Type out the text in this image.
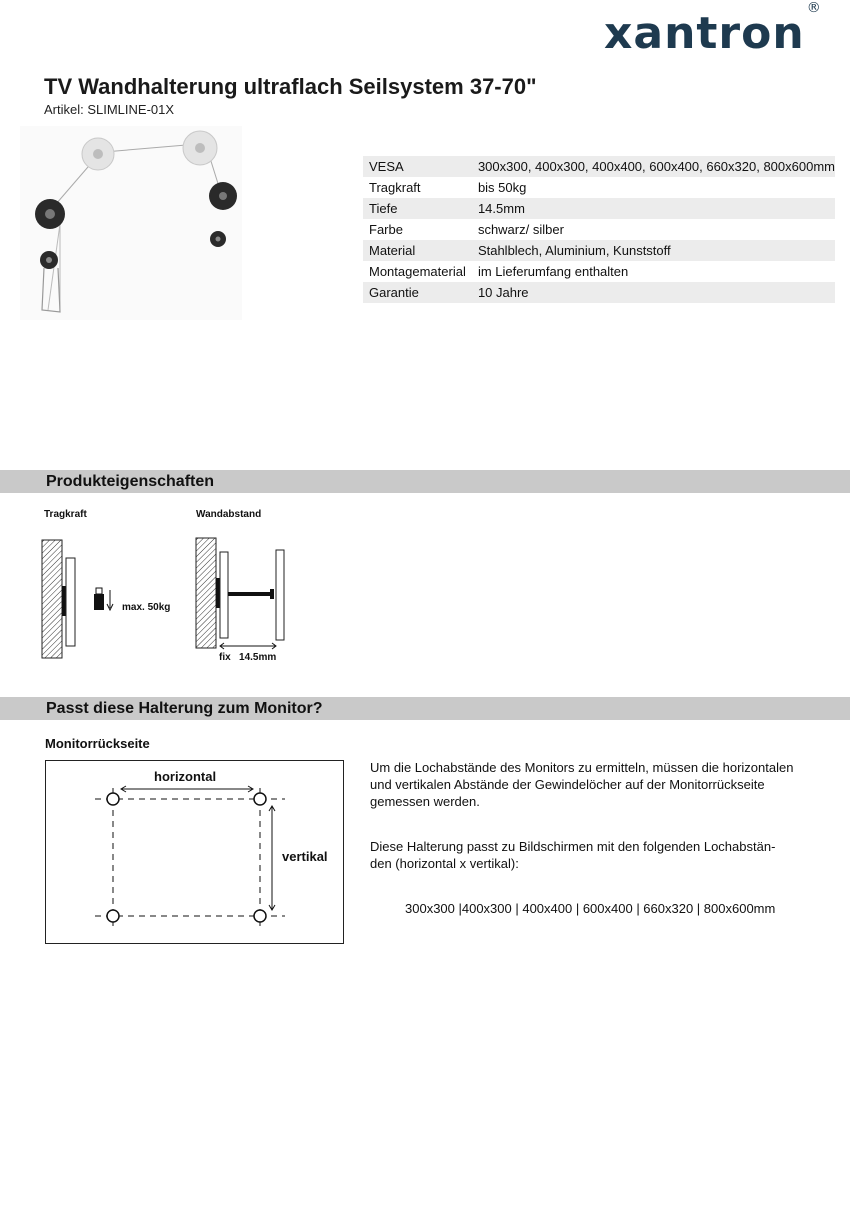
xantron ®
TV Wandhalterung ultraflach Seilsystem 37-70"
Artikel: SLIMLINE-01X
VESA	300x300, 400x300, 400x400, 600x400, 660x320, 800x600mm
Tragkraft	bis 50kg
Tiefe	14.5mm
Farbe	schwarz/ silber
Material	Stahlblech, Aluminium, Kunststoff
Montagematerial	im Lieferumfang enthalten
Garantie	10 Jahre
Produkteigenschaften
Tragkraft	Wandabstand
max. 50kg
fix   14.5mm
Passt diese Halterung zum Monitor?
Monitorrückseite
horizontal
vertikal
Um die Lochabstände des Monitors zu ermitteln, müssen die horizontalen und vertikalen Abstände der Gewindelöcher auf der Monitorrückseite gemessen werden.
Diese Halterung passt zu Bildschirmen mit den folgenden Lochabstän-den (horizontal x vertikal):
300x300 |400x300 | 400x400 | 600x400 | 660x320 | 800x600mm
